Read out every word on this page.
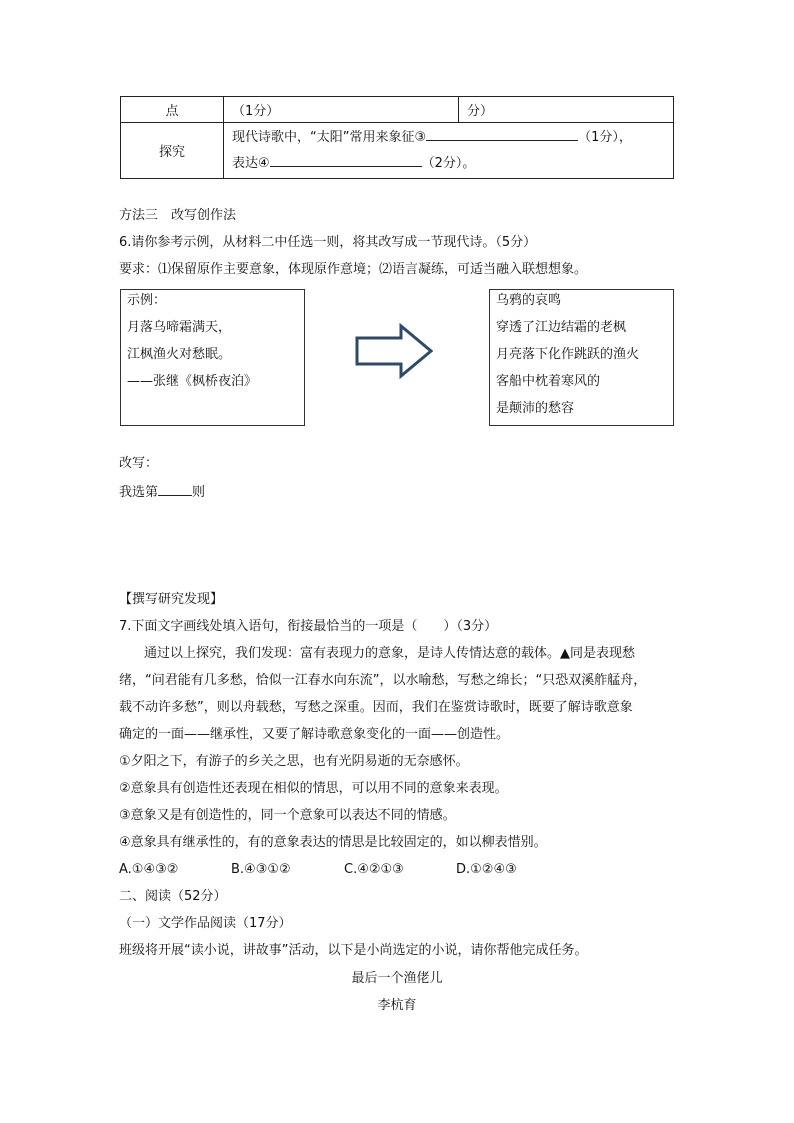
点	（1分）	分）
探究	现代诗歌中，“太阳”常用来象征③ （1分），
表达④ （2分）。	
方法三　改写创作法
6.请你参考示例，从材料二中任选一则，将其改写成一节现代诗。（5分）
要求：⑴保留原作主要意象，体现原作意境；⑵语言凝练，可适当融入联想想象。
示例：
月落乌啼霜满天，
江枫渔火对愁眠。
——张继《枫桥夜泊》
乌鸦的哀鸣
穿透了江边结霜的老枫
月亮落下化作跳跃的渔火
客船中枕着寒风的
是颠沛的愁容
改写：
我选第	则
【撰写研究发现】
7.下面文字画线处填入语句，衔接最恰当的一项是（　　）（3分）
通过以上探究，我们发现：富有表现力的意象，是诗人传情达意的载体。▲同是表现愁
绪，“问君能有几多愁，恰似一江春水向东流”，以水喻愁，写愁之绵长；“只恐双溪舴艋舟，
载不动许多愁”，则以舟载愁，写愁之深重。因而，我们在鉴赏诗歌时，既要了解诗歌意象
确定的一面——继承性，又要了解诗歌意象变化的一面——创造性。
①夕阳之下，有游子的乡关之思，也有光阴易逝的无奈感怀。
②意象具有创造性还表现在相似的情思，可以用不同的意象来表现。
③意象又是有创造性的，同一个意象可以表达不同的情感。
④意象具有继承性的，有的意象表达的情思是比较固定的，如以柳表惜别。
A.①④③②	B.④③①②	C.④②①③	D.①②④③
二、阅读（52分）
（一）文学作品阅读（17分）
班级将开展“读小说，讲故事”活动，以下是小尚选定的小说，请你帮他完成任务。
最后一个渔佬儿
李杭育
